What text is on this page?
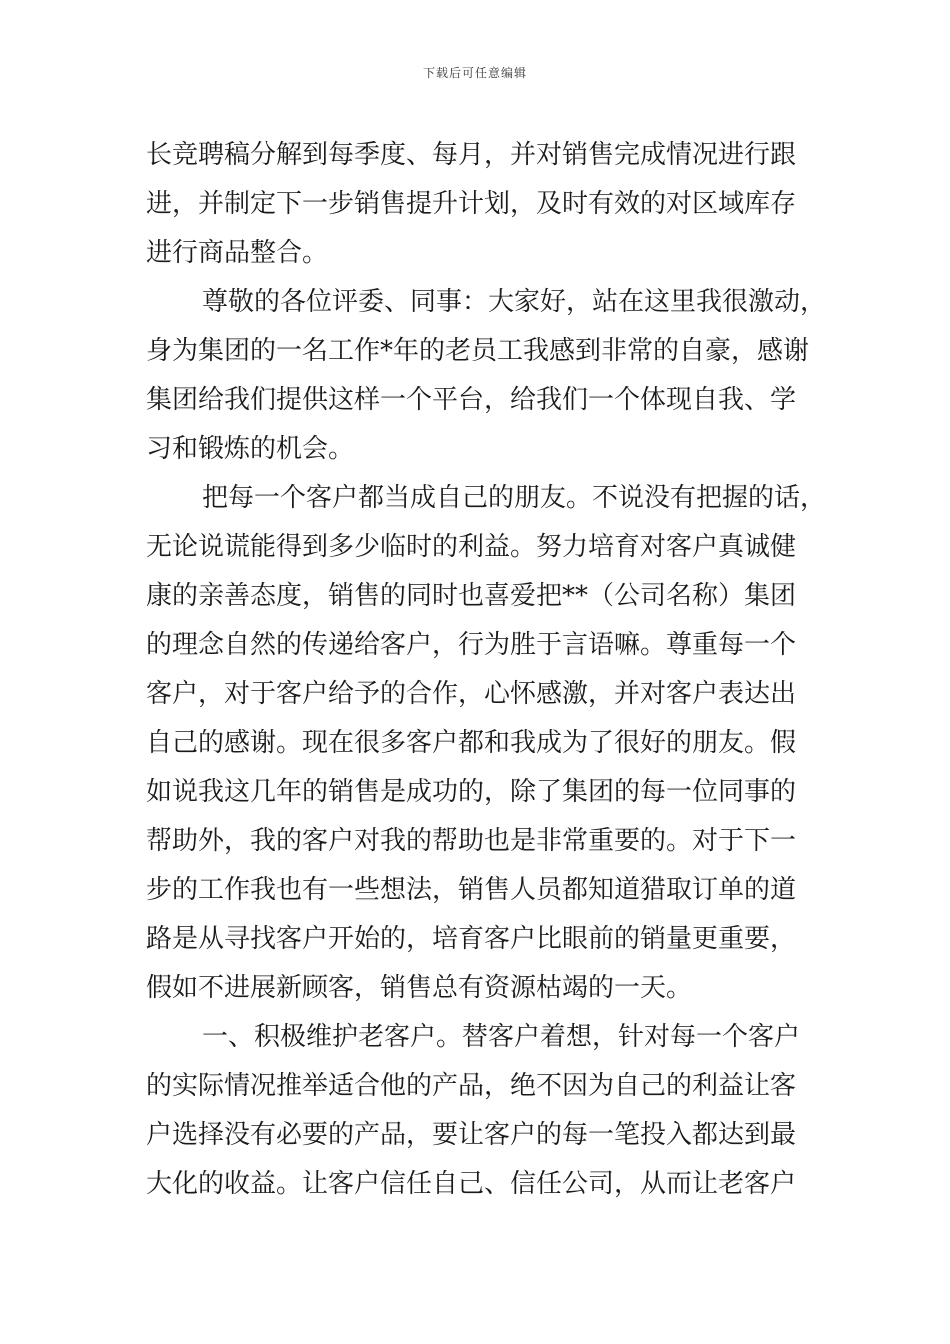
下载后可任意编辑
长竞聘稿分解到每季度、每月，并对销售完成情况进行跟
进，并制定下一步销售提升计划，及时有效的对区域库存
进行商品整合。
尊敬的各位评委、同事：大家好，站在这里我很激动，
身为集团的一名工作*年的老员工我感到非常的自豪，感谢
集团给我们提供这样一个平台，给我们一个体现自我、学
习和锻炼的机会。
把每一个客户都当成自己的朋友。不说没有把握的话，
无论说谎能得到多少临时的利益。努力培育对客户真诚健
康的亲善态度，销售的同时也喜爱把**（公司名称）集团
的理念自然的传递给客户，行为胜于言语嘛。尊重每一个
客户，对于客户给予的合作，心怀感激，并对客户表达出
自己的感谢。现在很多客户都和我成为了很好的朋友。假
如说我这几年的销售是成功的，除了集团的每一位同事的
帮助外，我的客户对我的帮助也是非常重要的。对于下一
步的工作我也有一些想法，销售人员都知道猎取订单的道
路是从寻找客户开始的，培育客户比眼前的销量更重要，
假如不进展新顾客，销售总有资源枯竭的一天。
一、积极维护老客户。替客户着想，针对每一个客户
的实际情况推举适合他的产品，绝不因为自己的利益让客
户选择没有必要的产品，要让客户的每一笔投入都达到最
大化的收益。让客户信任自己、信任公司，从而让老客户
